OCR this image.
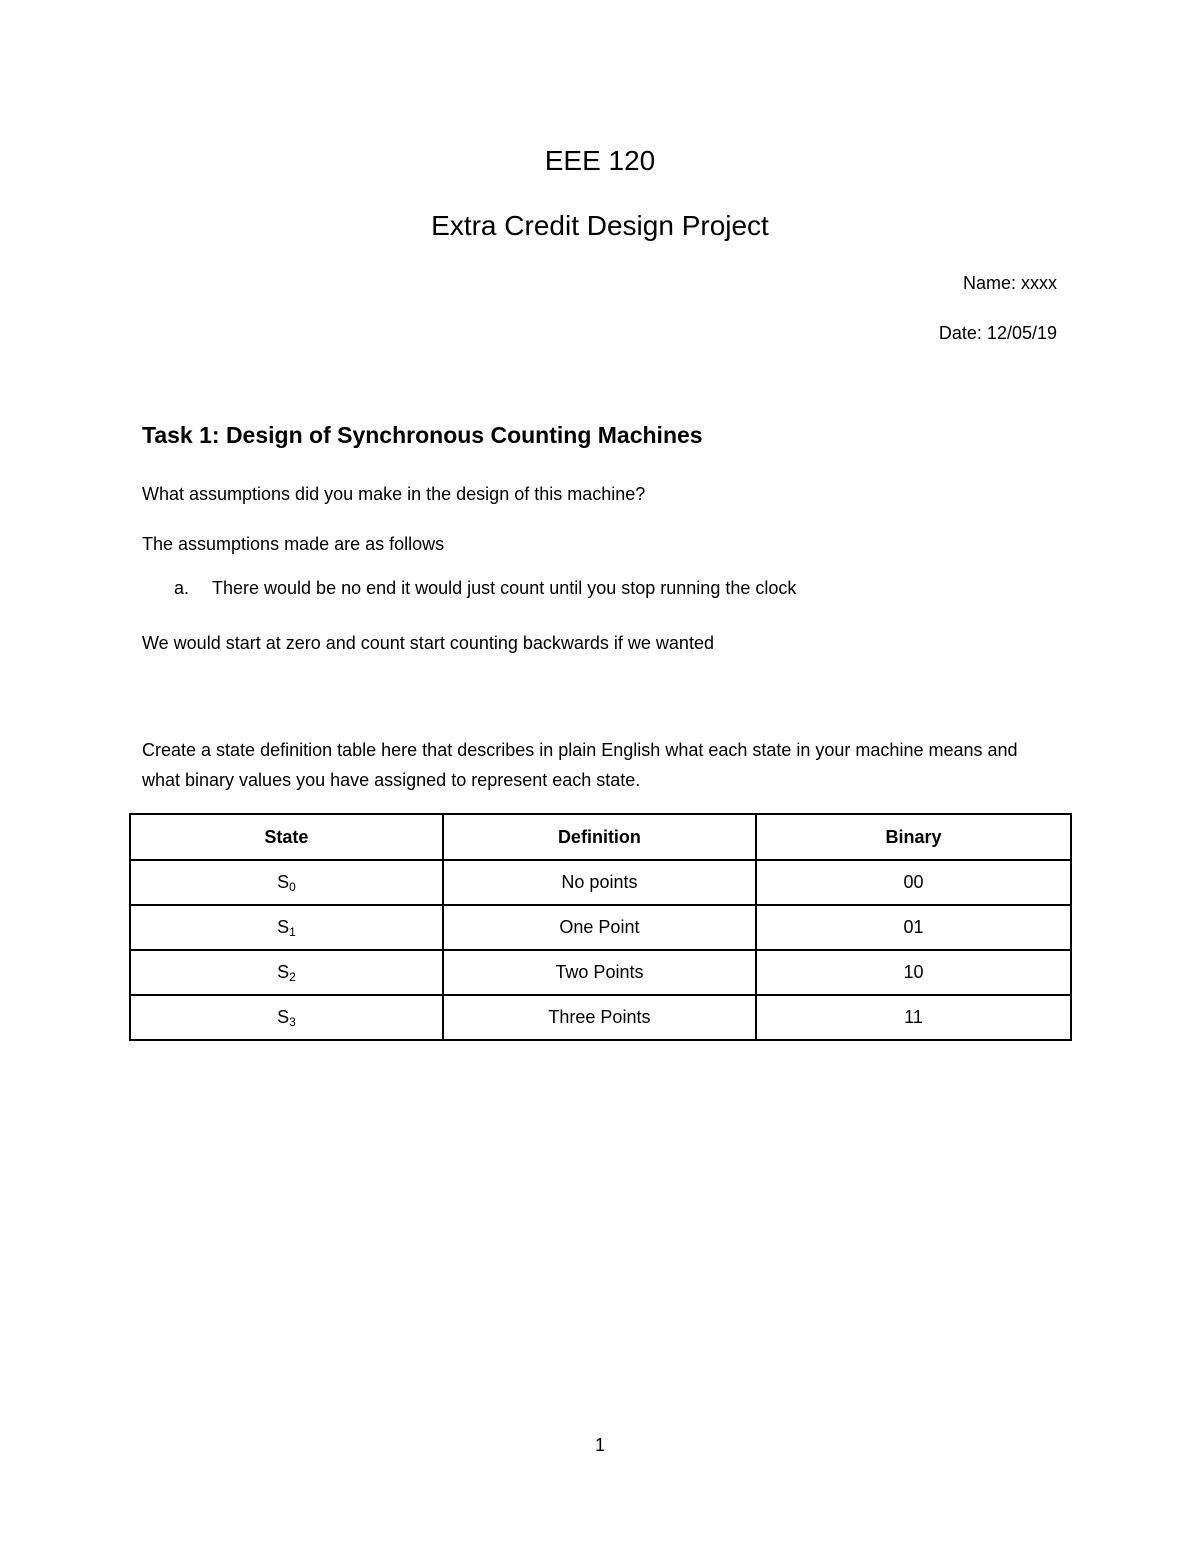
EEE 120
Extra Credit Design Project
Name: xxxx
Date: 12/05/19
Task 1: Design of Synchronous Counting Machines
What assumptions did you make in the design of this machine?
The assumptions made are as follows
a. There would be no end it would just count until you stop running the clock
We would start at zero and count start counting backwards if we wanted
Create a state definition table here that describes in plain English what each state in your machine means and what binary values you have assigned to represent each state.
State	Definition	Binary
$S_0$	No points	00
$S_1$	One Point	01
$S_2$	Two Points	10
$S_3$	Three Points	11
1
